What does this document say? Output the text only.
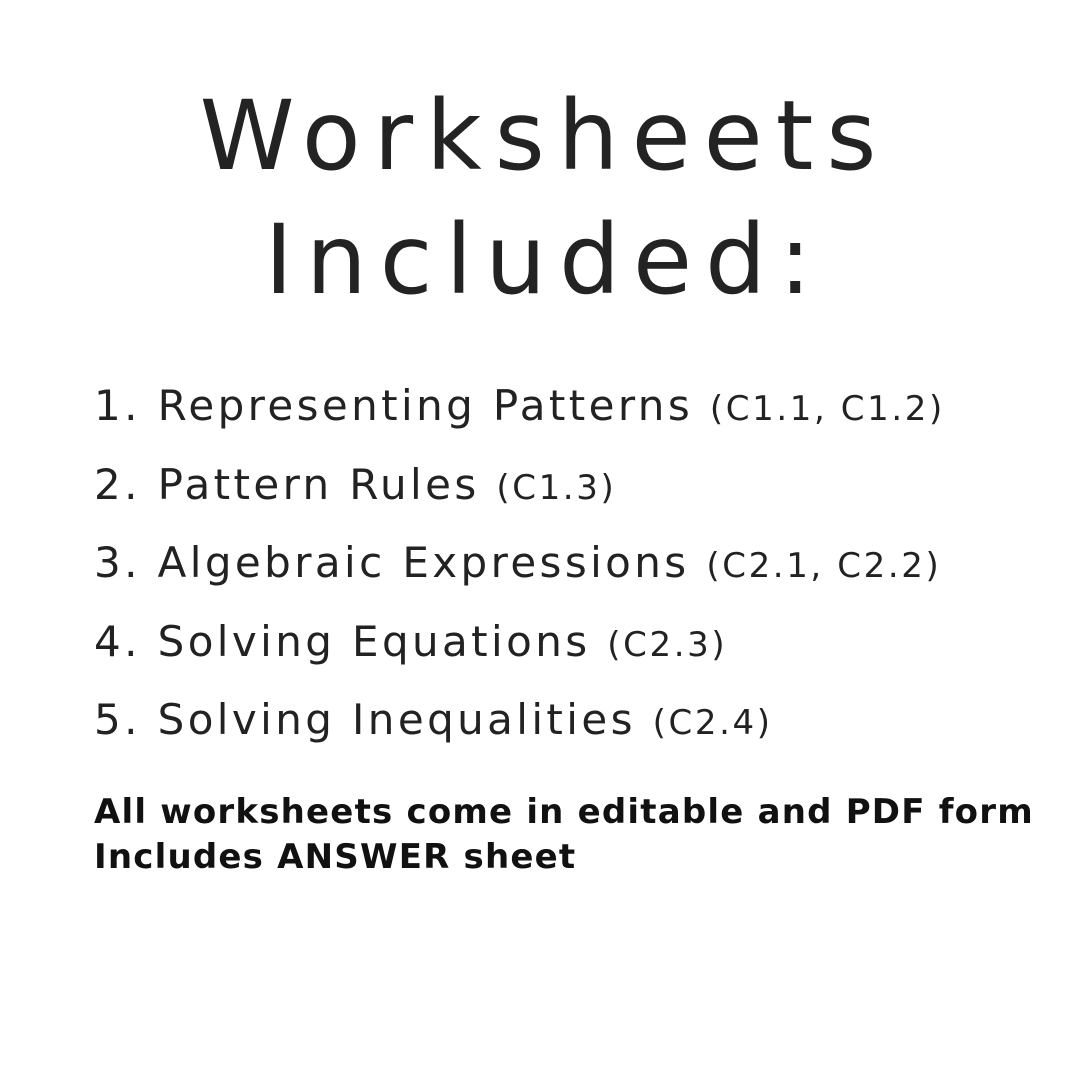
Worksheets
Included:
1. Representing Patterns (C1.1, C1.2)
2. Pattern Rules (C1.3)
3. Algebraic Expressions (C2.1, C2.2)
4. Solving Equations (C2.3)
5. Solving Inequalities (C2.4)
All worksheets come in editable and PDF form
Includes ANSWER sheet
